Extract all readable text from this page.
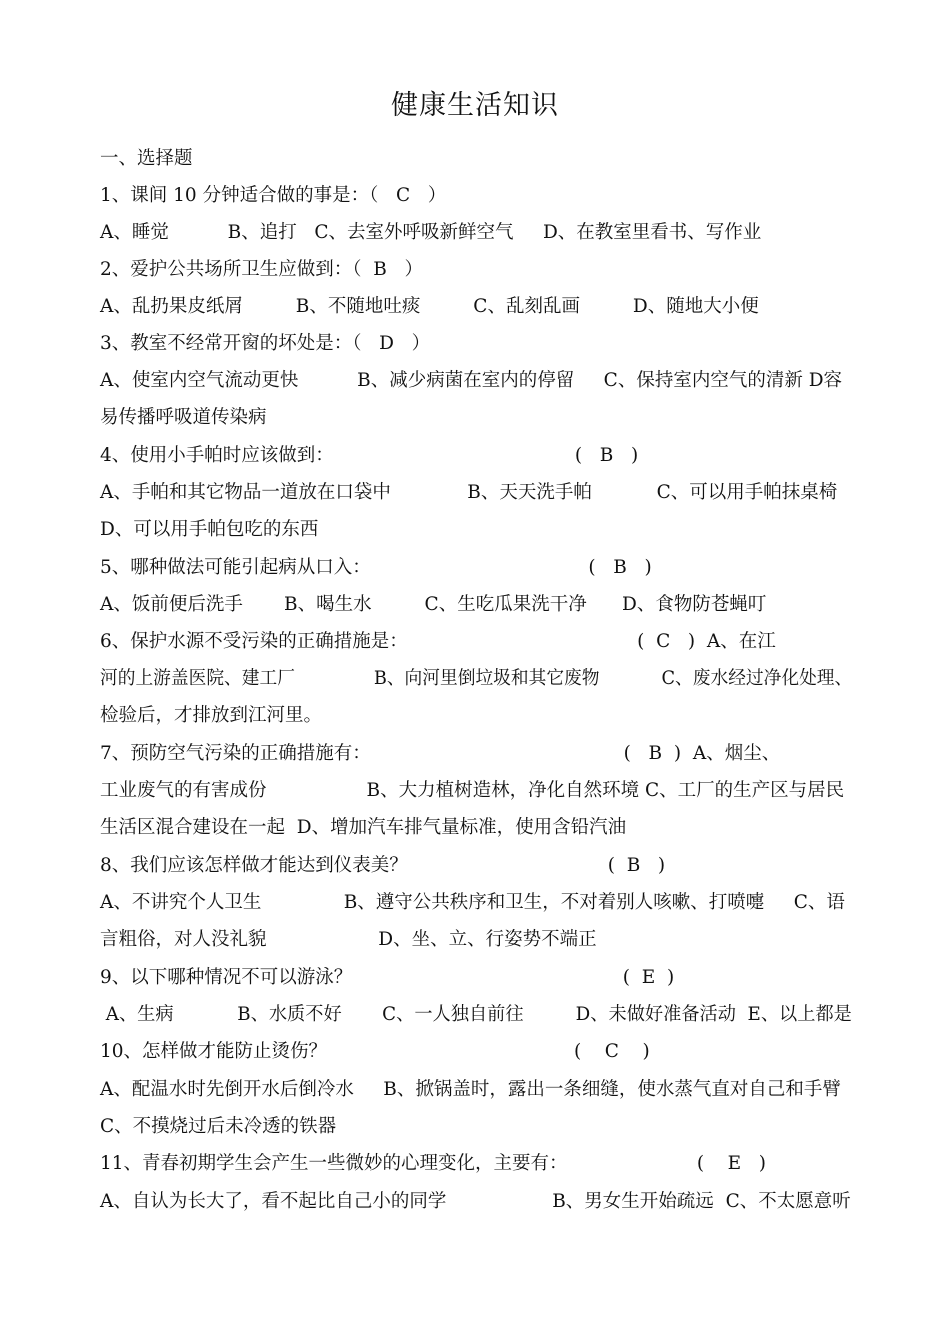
健康生活知识
一、选择题
1、课间 10 分钟适合做的事是：（   C   ）
A、睡觉          B、追打   C、去室外呼吸新鲜空气     D、在教室里看书、写作业
2、爱护公共场所卫生应做到：（  B   ）
A、乱扔果皮纸屑         B、不随地吐痰         C、乱刻乱画         D、随地大小便
3、教室不经常开窗的坏处是：（   D   ）
A、使室内空气流动更快          B、减少病菌在室内的停留     C、保持室内空气的清新 D容
易传播呼吸道传染病
4、使用小手帕时应该做到：                                         (   B   )
A、手帕和其它物品一道放在口袋中             B、天天洗手帕           C、可以用手帕抹桌椅
D、可以用手帕包吃的东西
5、哪种做法可能引起病从口入：                                     (   B   )
A、饭前便后洗手       B、喝生水         C、生吃瓜果洗干净      D、食物防苍蝇叮
6、保护水源不受污染的正确措施是：                                       (  C   )  A、在江
河的上游盖医院、建工厂              B、向河里倒垃圾和其它废物           C、废水经过净化处理、
检验后，才排放到江河里。
7、预防空气污染的正确措施有：                                           (   B  )  A、烟尘、
工业废气的有害成份                 B、大力植树造林，净化自然环境 C、工厂的生产区与居民
生活区混合建设在一起  D、增加汽车排气量标准，使用含铅汽油
8、我们应该怎样做才能达到仪表美？                                  (  B   )
A、不讲究个人卫生              B、遵守公共秩序和卫生，不对着别人咳嗽、打喷嚏     C、语
言粗俗，对人没礼貌                   D、坐、立、行姿势不端正
9、以下哪种情况不可以游泳？                                              (  E  )
A、生病           B、水质不好       C、一人独自前往         D、未做好准备活动  E、以上都是
10、怎样做才能防止烫伤？                                          (    C    )
A、配温水时先倒开水后倒冷水     B、掀锅盖时，露出一条细缝，使水蒸气直对自己和手臂
C、不摸烧过后未冷透的铁器
11、青春初期学生会产生一些微妙的心理变化，主要有：                      (    E   )
A、自认为长大了，看不起比自己小的同学                  B、男女生开始疏远  C、不太愿意听
